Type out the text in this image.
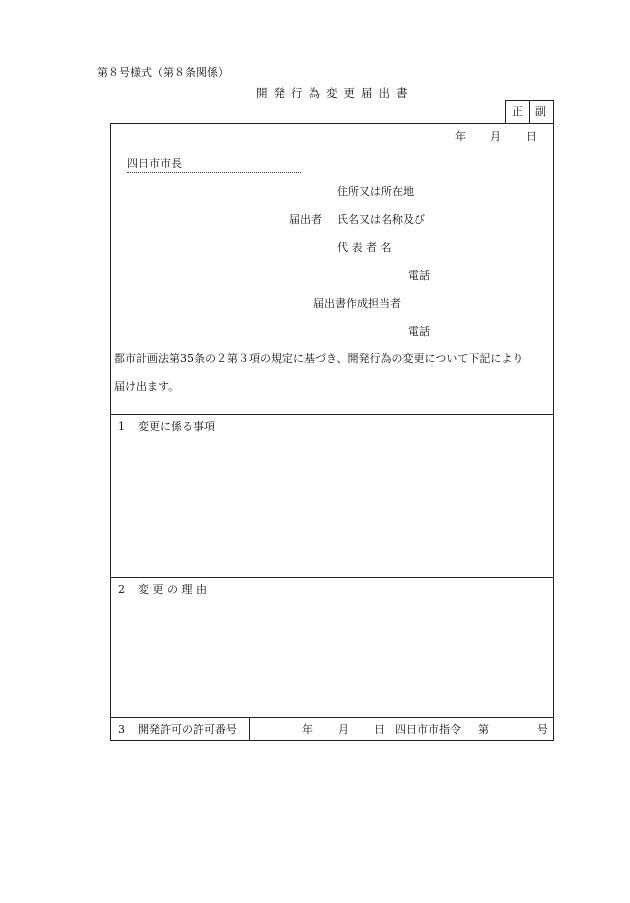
第８号様式（第８条関係）
開発行為変更届出書
正 副
年 月 日
四日市市長
住所又は所在地
届出者 氏名又は名称及び
代 表 者 名
電話
届出書作成担当者
電話
都市計画法第35条の２第３項の規定に基づき、開発行為の変更について下記により
届け出ます。
1 変更に係る事項
2 変 更 の 理 由
3 開発許可の許可番号	年 月 日 四日市市指令 第	号
